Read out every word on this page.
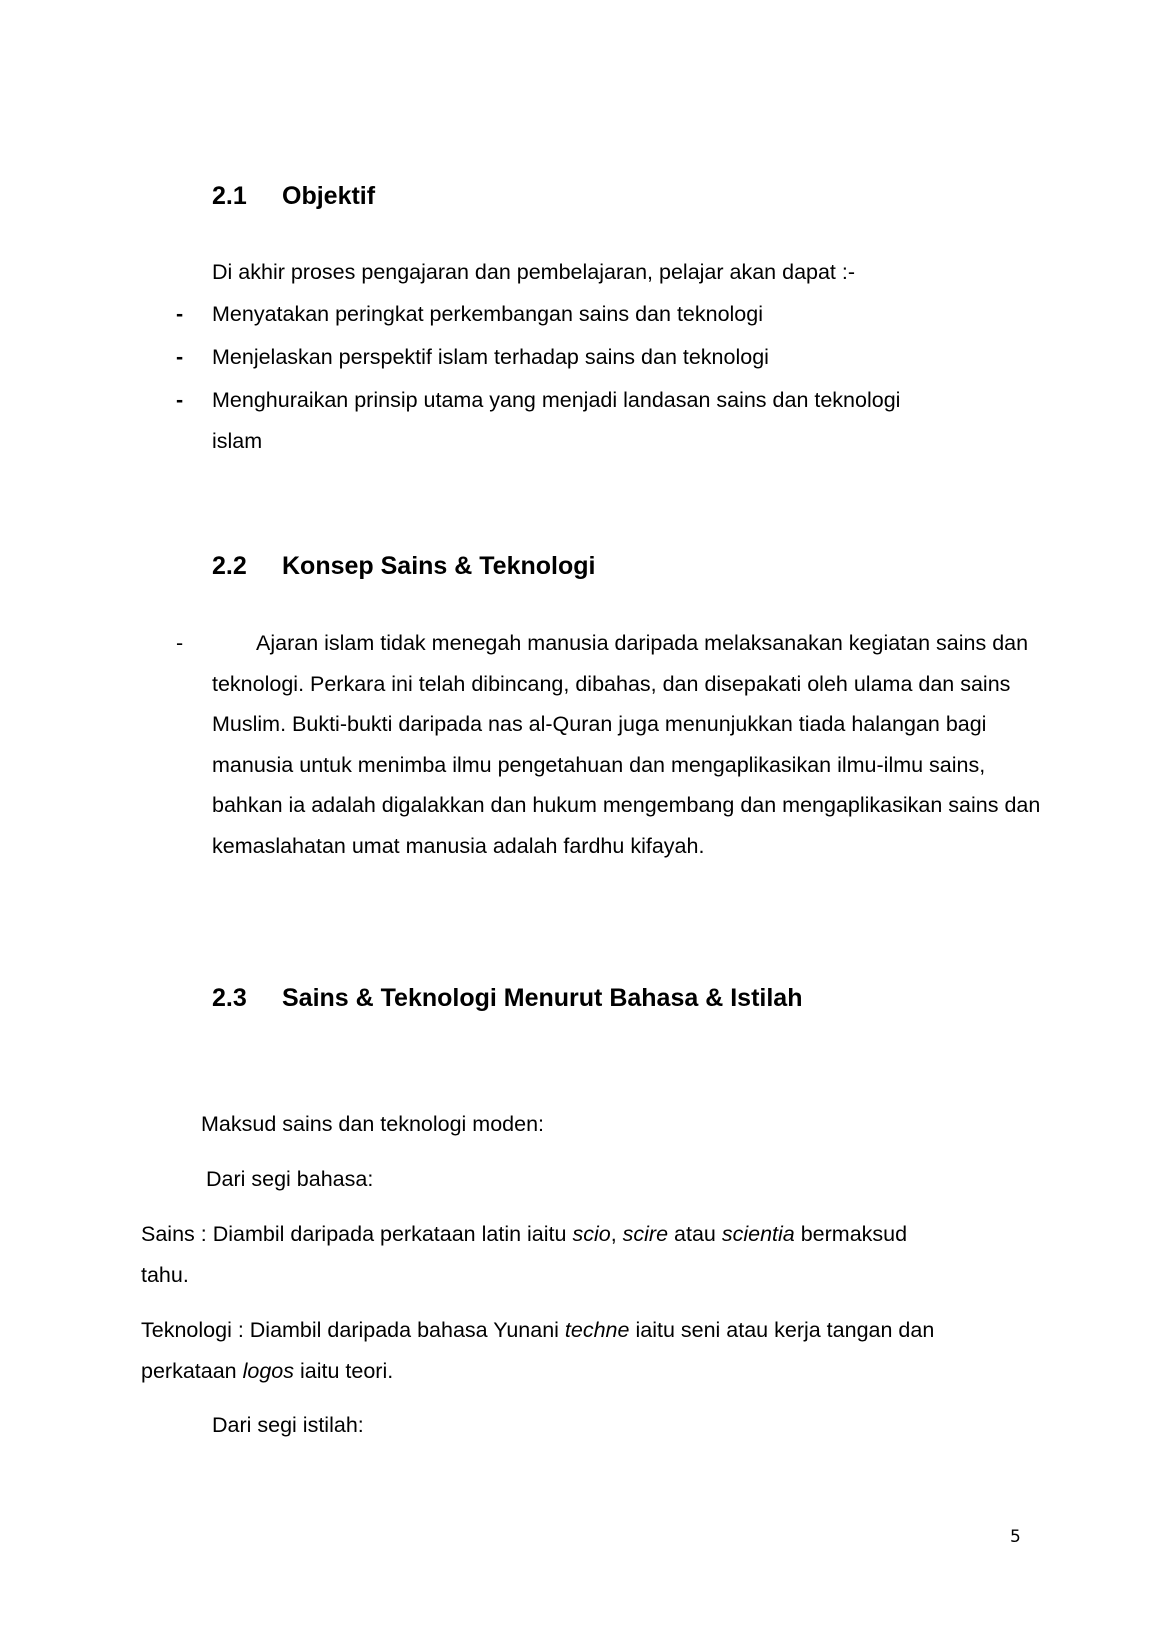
2.1 Objektif
Di akhir proses pengajaran dan pembelajaran, pelajar akan dapat :-
- Menyatakan peringkat perkembangan sains dan teknologi
- Menjelaskan perspektif islam terhadap sains dan teknologi
- Menghuraikan prinsip utama yang menjadi landasan sains dan teknologi
islam
2.2 Konsep Sains & Teknologi
-	Ajaran islam tidak menegah manusia daripada melaksanakan kegiatan sains dan teknologi. Perkara ini telah dibincang, dibahas, dan disepakati oleh ulama dan sains Muslim. Bukti-bukti daripada nas al-Quran juga menunjukkan tiada halangan bagi manusia untuk menimba ilmu pengetahuan dan mengaplikasikan ilmu-ilmu sains, bahkan ia adalah digalakkan dan hukum mengembang dan mengaplikasikan sains dan kemaslahatan umat manusia adalah fardhu kifayah.
2.3 Sains & Teknologi Menurut Bahasa & Istilah
Maksud sains dan teknologi moden:
Dari segi bahasa:
Sains : Diambil daripada perkataan latin iaitu scio, scire atau scientia bermaksud
tahu.
Teknologi : Diambil daripada bahasa Yunani techne iaitu seni atau kerja tangan dan
perkataan logos iaitu teori.
Dari segi istilah:
5
